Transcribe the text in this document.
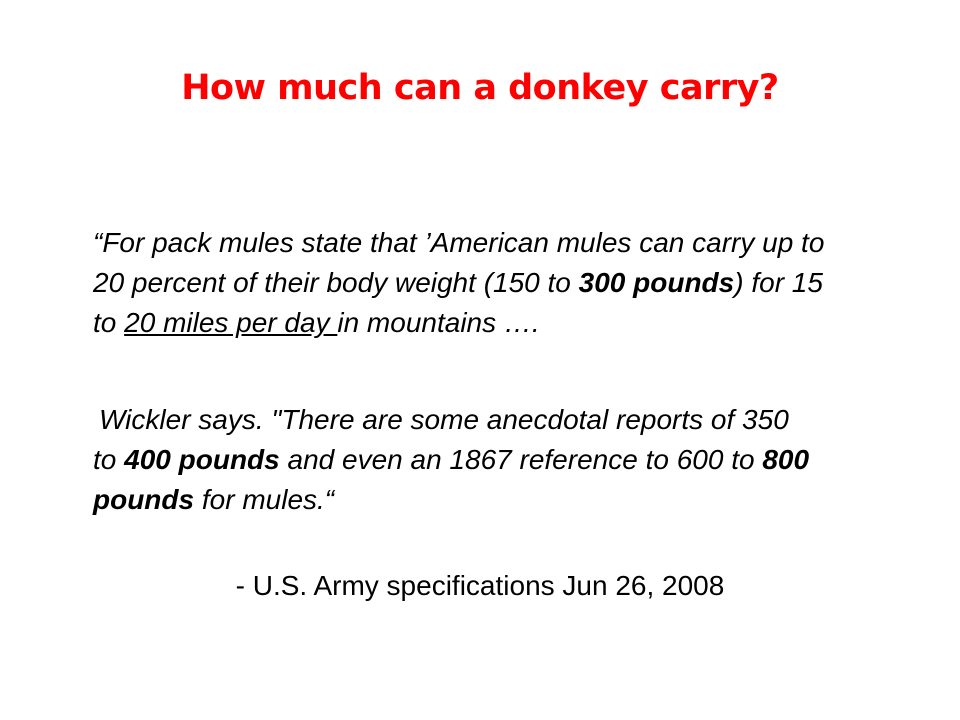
How much can a donkey carry?

“For pack mules state that ’American mules can carry up to
20 percent of their body weight (150 to 300 pounds) for 15
to 20 miles per day in mountains ….

Wickler says. "There are some anecdotal reports of 350
to 400 pounds and even an 1867 reference to 600 to 800
pounds for mules.“

- U.S. Army specifications Jun 26, 2008
